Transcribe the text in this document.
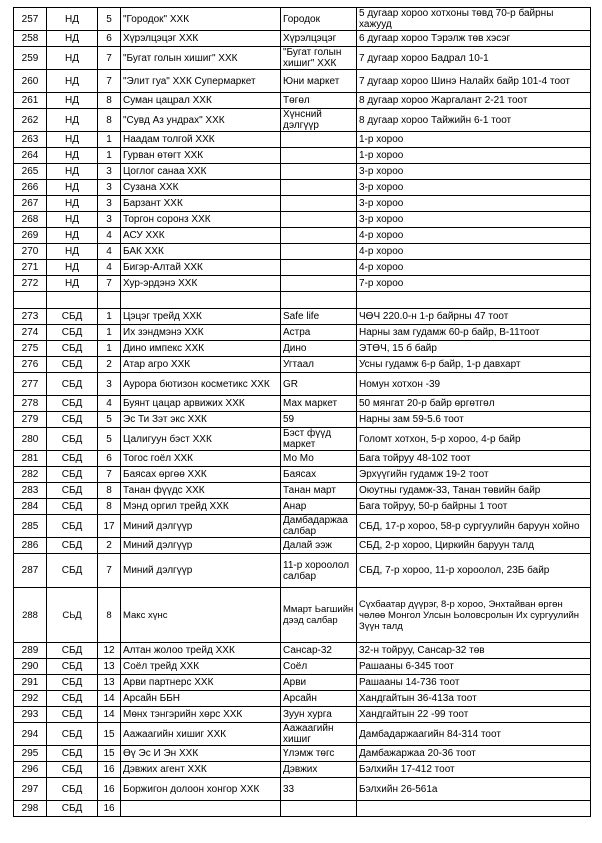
257	НД	5	"Городок" ХХК	Городок	5 дугаар хороо хотхоны төвд 70-р байрны хажууд
258	НД	6	Хүрэлцэцэг ХХК	Хүрэлцэцэг	6 дугаар хороо Тэрэлж төв хэсэг
259	НД	7	"Бугат голын хишиг" ХХК	"Бугат голын хишиг" ХХК	7 дугаар хороо Бадрал 10-1
260	НД	7	"Элит гуа" ХХК Супермаркет	Юни маркет	7 дугаар хороо Шинэ Налайх байр 101-4 тоот
261	НД	8	Суман цацрал ХХК	Төгөл	8 дугаар хороо Жаргалант 2-21 тоот
262	НД	8	"Сувд Аз ундрах" ХХК	Хүнсний дэлгүүр	8 дугаар хороо Тайжийн 6-1 тоот
263	НД	1	Наадам толгой ХХК		1-р хороо
264	НД	1	Гурван өтөгт ХХК		1-р хороо
265	НД	3	Цоглог санаа ХХК		3-р хороо
266	НД	3	Сузана ХХК		3-р хороо
267	НД	3	Барзант ХХК		3-р хороо
268	НД	3	Торгон соронз ХХК		3-р хороо
269	НД	4	АСУ ХХК		4-р хороо
270	НД	4	БАК ХХК		4-р хороо
271	НД	4	Бигэр-Алтай ХХК		4-р хороо
272	НД	7	Хур-эрдэнэ ХХК		7-р хороо

273	СБД	1	Цэцэг трейд ХХК	Safe life	ЧӨЧ 220.0-н 1-р байрны 47 тоот
274	СБД	1	Их зэндмэнэ ХХК	Астра	Нарны зам гудамж 60-р байр, В-11тоот
275	СБД	1	Дино импекс ХХК	Дино	ЭТӨЧ, 15 б байр
276	СБД	2	Атар агро ХХК	Угтаал	Усны гудамж 6-р байр, 1-р давхарт
277	СБД	3	Аурора бютизон косметикс ХХК	GR	Номун хотхон -39
278	СБД	4	Буянт цацар арвижих ХХК	Мах маркет	50 мянгат 20-р байр өргөтгөл
279	СБД	5	Эс Ти Зэт экс ХХК	59	Нарны зам 59-5.6 тоот
280	СБД	5	Цалигуун бэст ХХК	Бэст фүүд маркет	Голомт хотхон, 5-р хороо, 4-р байр
281	СБД	6	Тогос гоёл ХХК	Мо Мо	Бага тойруу 48-102 тоот
282	СБД	7	Баясах өргөө ХХК	Баясах	Эрхүүгийн гудамж 19-2 тоот
283	СБД	8	Танан фүүдс ХХК	Танан март	Оюутны гудамж-33, Танан төвийн байр
284	СБД	8	Мэнд оргил трейд ХХК	Анар	Бага тойруу, 50-р байрны 1 тоот
285	СБД	17	Миний дэлгүүр	Дамбадаржаа салбар	СБД, 17-р хороо, 58-р сургуулийн баруун хойно
286	СБД	2	Миний дэлгүүр	Далай ээж	СБД, 2-р хороо, Циркийн баруун талд
287	СБД	7	Миний дэлгүүр	11-р хороолол салбар	СБД, 7-р хороо, 11-р хороолол, 23Б байр
288	СЬД	8	Макс хүнс	Ммарт Ьагшийн дээд салбар	Сүхбаатар дүүрэг, 8-р хороо, Энхтайван өргөн чөлөө Монгол Улсын Ьоловсролын Их сургуулийн Зүүн талд
289	СБД	12	Алтан жолоо трейд ХХК	Сансар-32	32-н тойруу, Сансар-32 төв
290	СБД	13	Соёл трейд ХХК	Соёл	Рашааны 6-345 тоот
291	СБД	13	Арви партнерс ХХК	Арви	Рашааны 14-736 тоот
292	СБД	14	Арсайн ББН	Арсайн	Хандгайтын 36-413а тоот
293	СБД	14	Мөнх тэнгэрийн хөрс ХХК	Зуун хурга	Хандгайтын 22 -99 тоот
294	СБД	15	Аажаагийн хишиг ХХК	Аажаагийн хишиг	Дамбадаржаагийн 84-314 тоот
295	СБД	15	Өү Эс И Эн ХХК	Үлэмж төгс	Дамбажаржаа 20-36 тоот
296	СБД	16	Дэвжих агент ХХК	Дэвжих	Бэлхийн 17-412 тоот
297	СБД	16	Боржигон долоон хонгор ХХК	33	Бэлхийн 26-561а
298	СБД	16			
